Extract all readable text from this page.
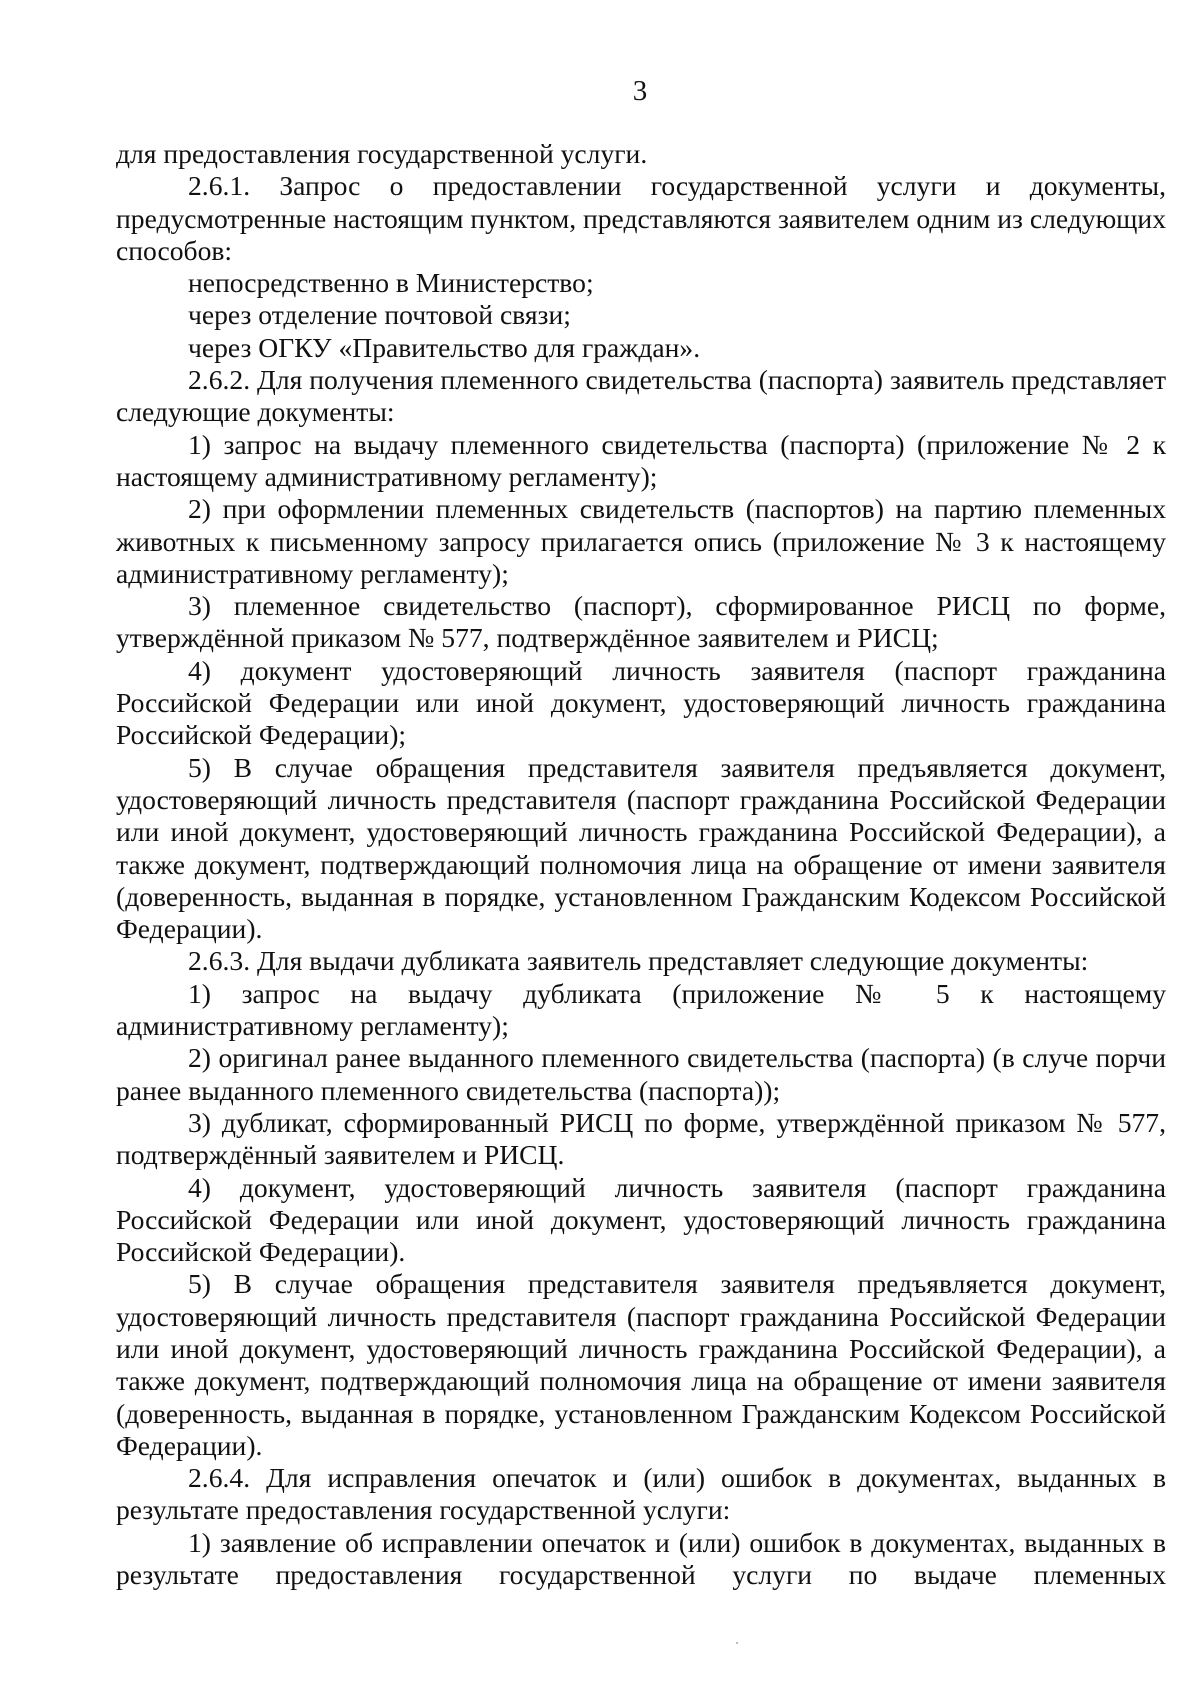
3

для предоставления государственной услуги.

2.6.1. Запрос о предоставлении государственной услуги и документы, предусмотренные настоящим пунктом, представляются заявителем одним из следующих способов:

непосредственно в Министерство;

через отделение почтовой связи;

через ОГКУ «Правительство для граждан».

2.6.2. Для получения племенного свидетельства (паспорта) заявитель представляет следующие документы:

1) запрос на выдачу племенного свидетельства (паспорта) (приложение № 2 к настоящему административному регламенту);

2) при оформлении племенных свидетельств (паспортов) на партию племенных животных к письменному запросу прилагается опись (приложение № 3 к настоящему административному регламенту);

3) племенное свидетельство (паспорт), сформированное РИСЦ по форме, утверждённой приказом № 577, подтверждённое заявителем и РИСЦ;

4) документ удостоверяющий личность заявителя (паспорт гражданина Российской Федерации или иной документ, удостоверяющий личность гражданина Российской Федерации);

5) В случае обращения представителя заявителя предъявляется документ, удостоверяющий личность представителя (паспорт гражданина Российской Федерации или иной документ, удостоверяющий личность гражданина Российской Федерации), а также документ, подтверждающий полномочия лица на обращение от имени заявителя (доверенность, выданная в порядке, установленном Гражданским Кодексом Российской Федерации).

2.6.3. Для выдачи дубликата заявитель представляет следующие документы:

1) запрос на выдачу дубликата (приложение № 5 к настоящему административному регламенту);

2) оригинал ранее выданного племенного свидетельства (паспорта) (в случе порчи ранее выданного племенного свидетельства (паспорта));

3) дубликат, сформированный РИСЦ по форме, утверждённой приказом № 577, подтверждённый заявителем и РИСЦ.

4) документ, удостоверяющий личность заявителя (паспорт гражданина Российской Федерации или иной документ, удостоверяющий личность гражданина Российской Федерации).

5) В случае обращения представителя заявителя предъявляется документ, удостоверяющий личность представителя (паспорт гражданина Российской Федерации или иной документ, удостоверяющий личность гражданина Российской Федерации), а также документ, подтверждающий полномочия лица на обращение от имени заявителя (доверенность, выданная в порядке, установленном Гражданским Кодексом Российской Федерации).

2.6.4. Для исправления опечаток и (или) ошибок в документах, выданных в результате предоставления государственной услуги:

1) заявление об исправлении опечаток и (или) ошибок в документах, выданных в результате предоставления государственной услуги по выдаче племенных
